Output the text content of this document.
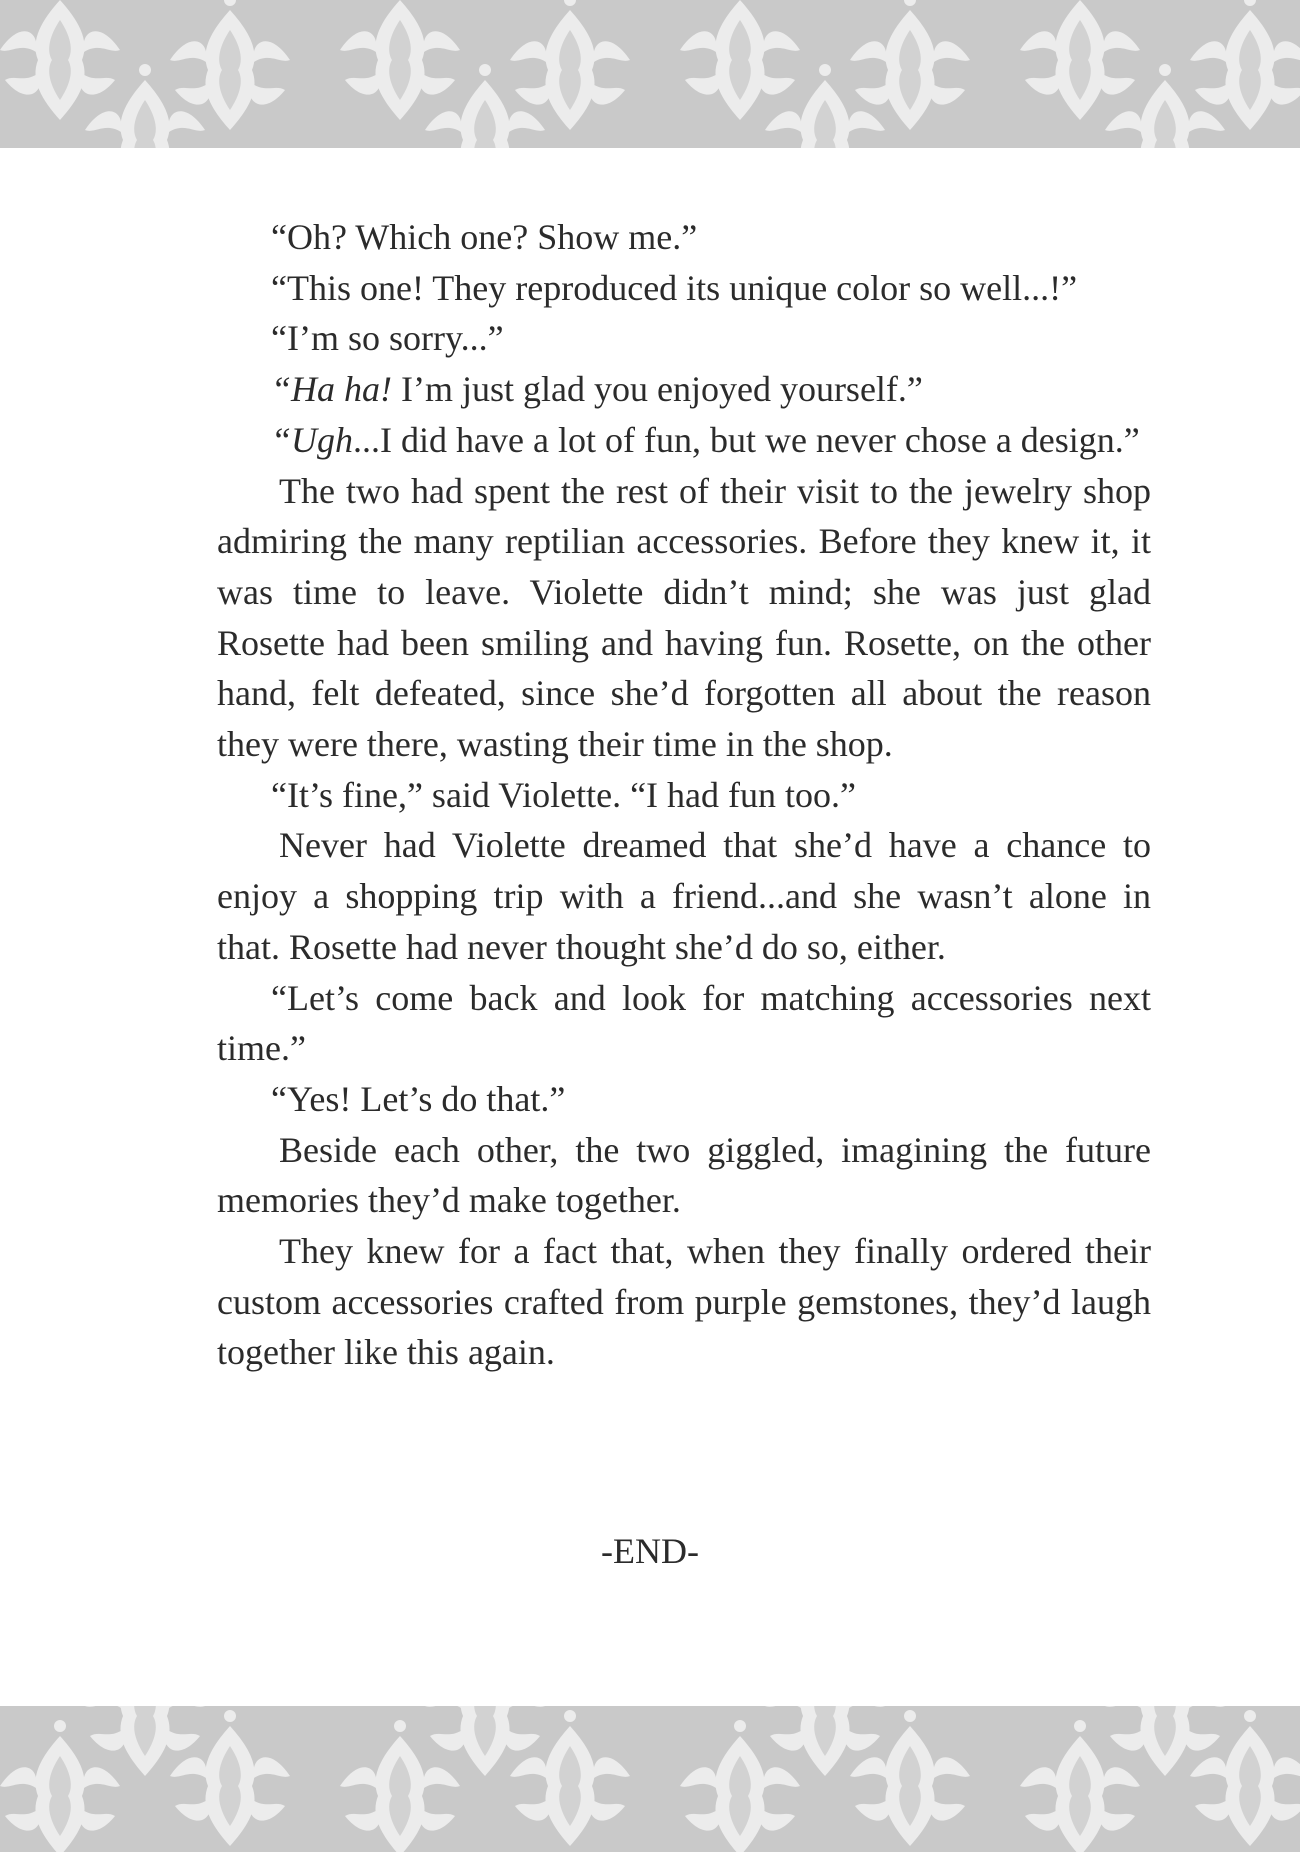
“Oh? Which one? Show me.”

“This one! They reproduced its unique color so well...!”

“I’m so sorry...”

“Ha ha! I’m just glad you enjoyed yourself.”

“Ugh...I did have a lot of fun, but we never chose a design.”

The two had spent the rest of their visit to the jewelry shop admiring the many reptilian accessories. Before they knew it, it was time to leave. Violette didn’t mind; she was just glad Rosette had been smiling and having fun. Rosette, on the other hand, felt defeated, since she’d forgotten all about the reason they were there, wasting their time in the shop.

“It’s fine,” said Violette. “I had fun too.”

Never had Violette dreamed that she’d have a chance to enjoy a shopping trip with a friend...and she wasn’t alone in that. Rosette had never thought she’d do so, either.

“Let’s come back and look for matching accessories next time.”

“Yes! Let’s do that.”

Beside each other, the two giggled, imagining the future memories they’d make together.

They knew for a fact that, when they finally ordered their custom accessories crafted from purple gemstones, they’d laugh together like this again.

-END-
